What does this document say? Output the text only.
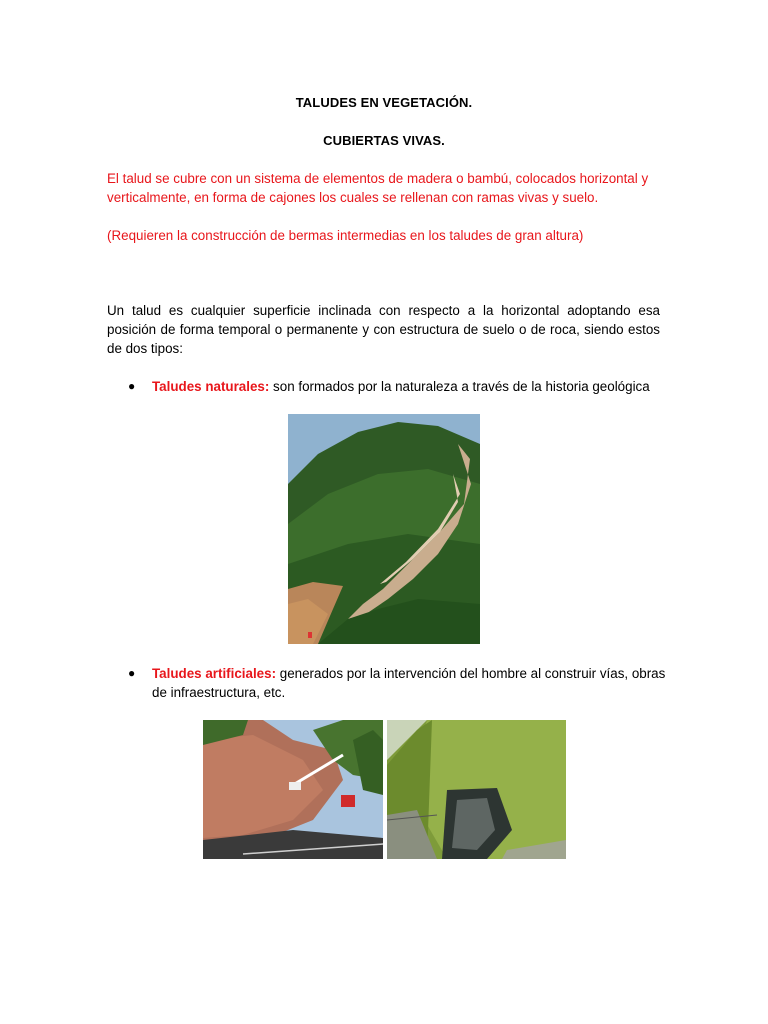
TALUDES EN VEGETACIÓN.
CUBIERTAS VIVAS.
El talud se cubre con un sistema de elementos de madera o bambú, colocados horizontal y verticalmente, en forma de cajones los cuales se rellenan con ramas vivas y suelo.
(Requieren la construcción de bermas intermedias en los taludes de gran altura)
Un talud es cualquier superficie inclinada con respecto a la horizontal adoptando esa posición de forma temporal o permanente y con estructura de suelo o de roca, siendo estos de dos tipos:
● Taludes naturales: son formados por la naturaleza a través de la historia geológica
● Taludes artificiales: generados por la intervención del hombre al construir vías, obras de infraestructura, etc.
